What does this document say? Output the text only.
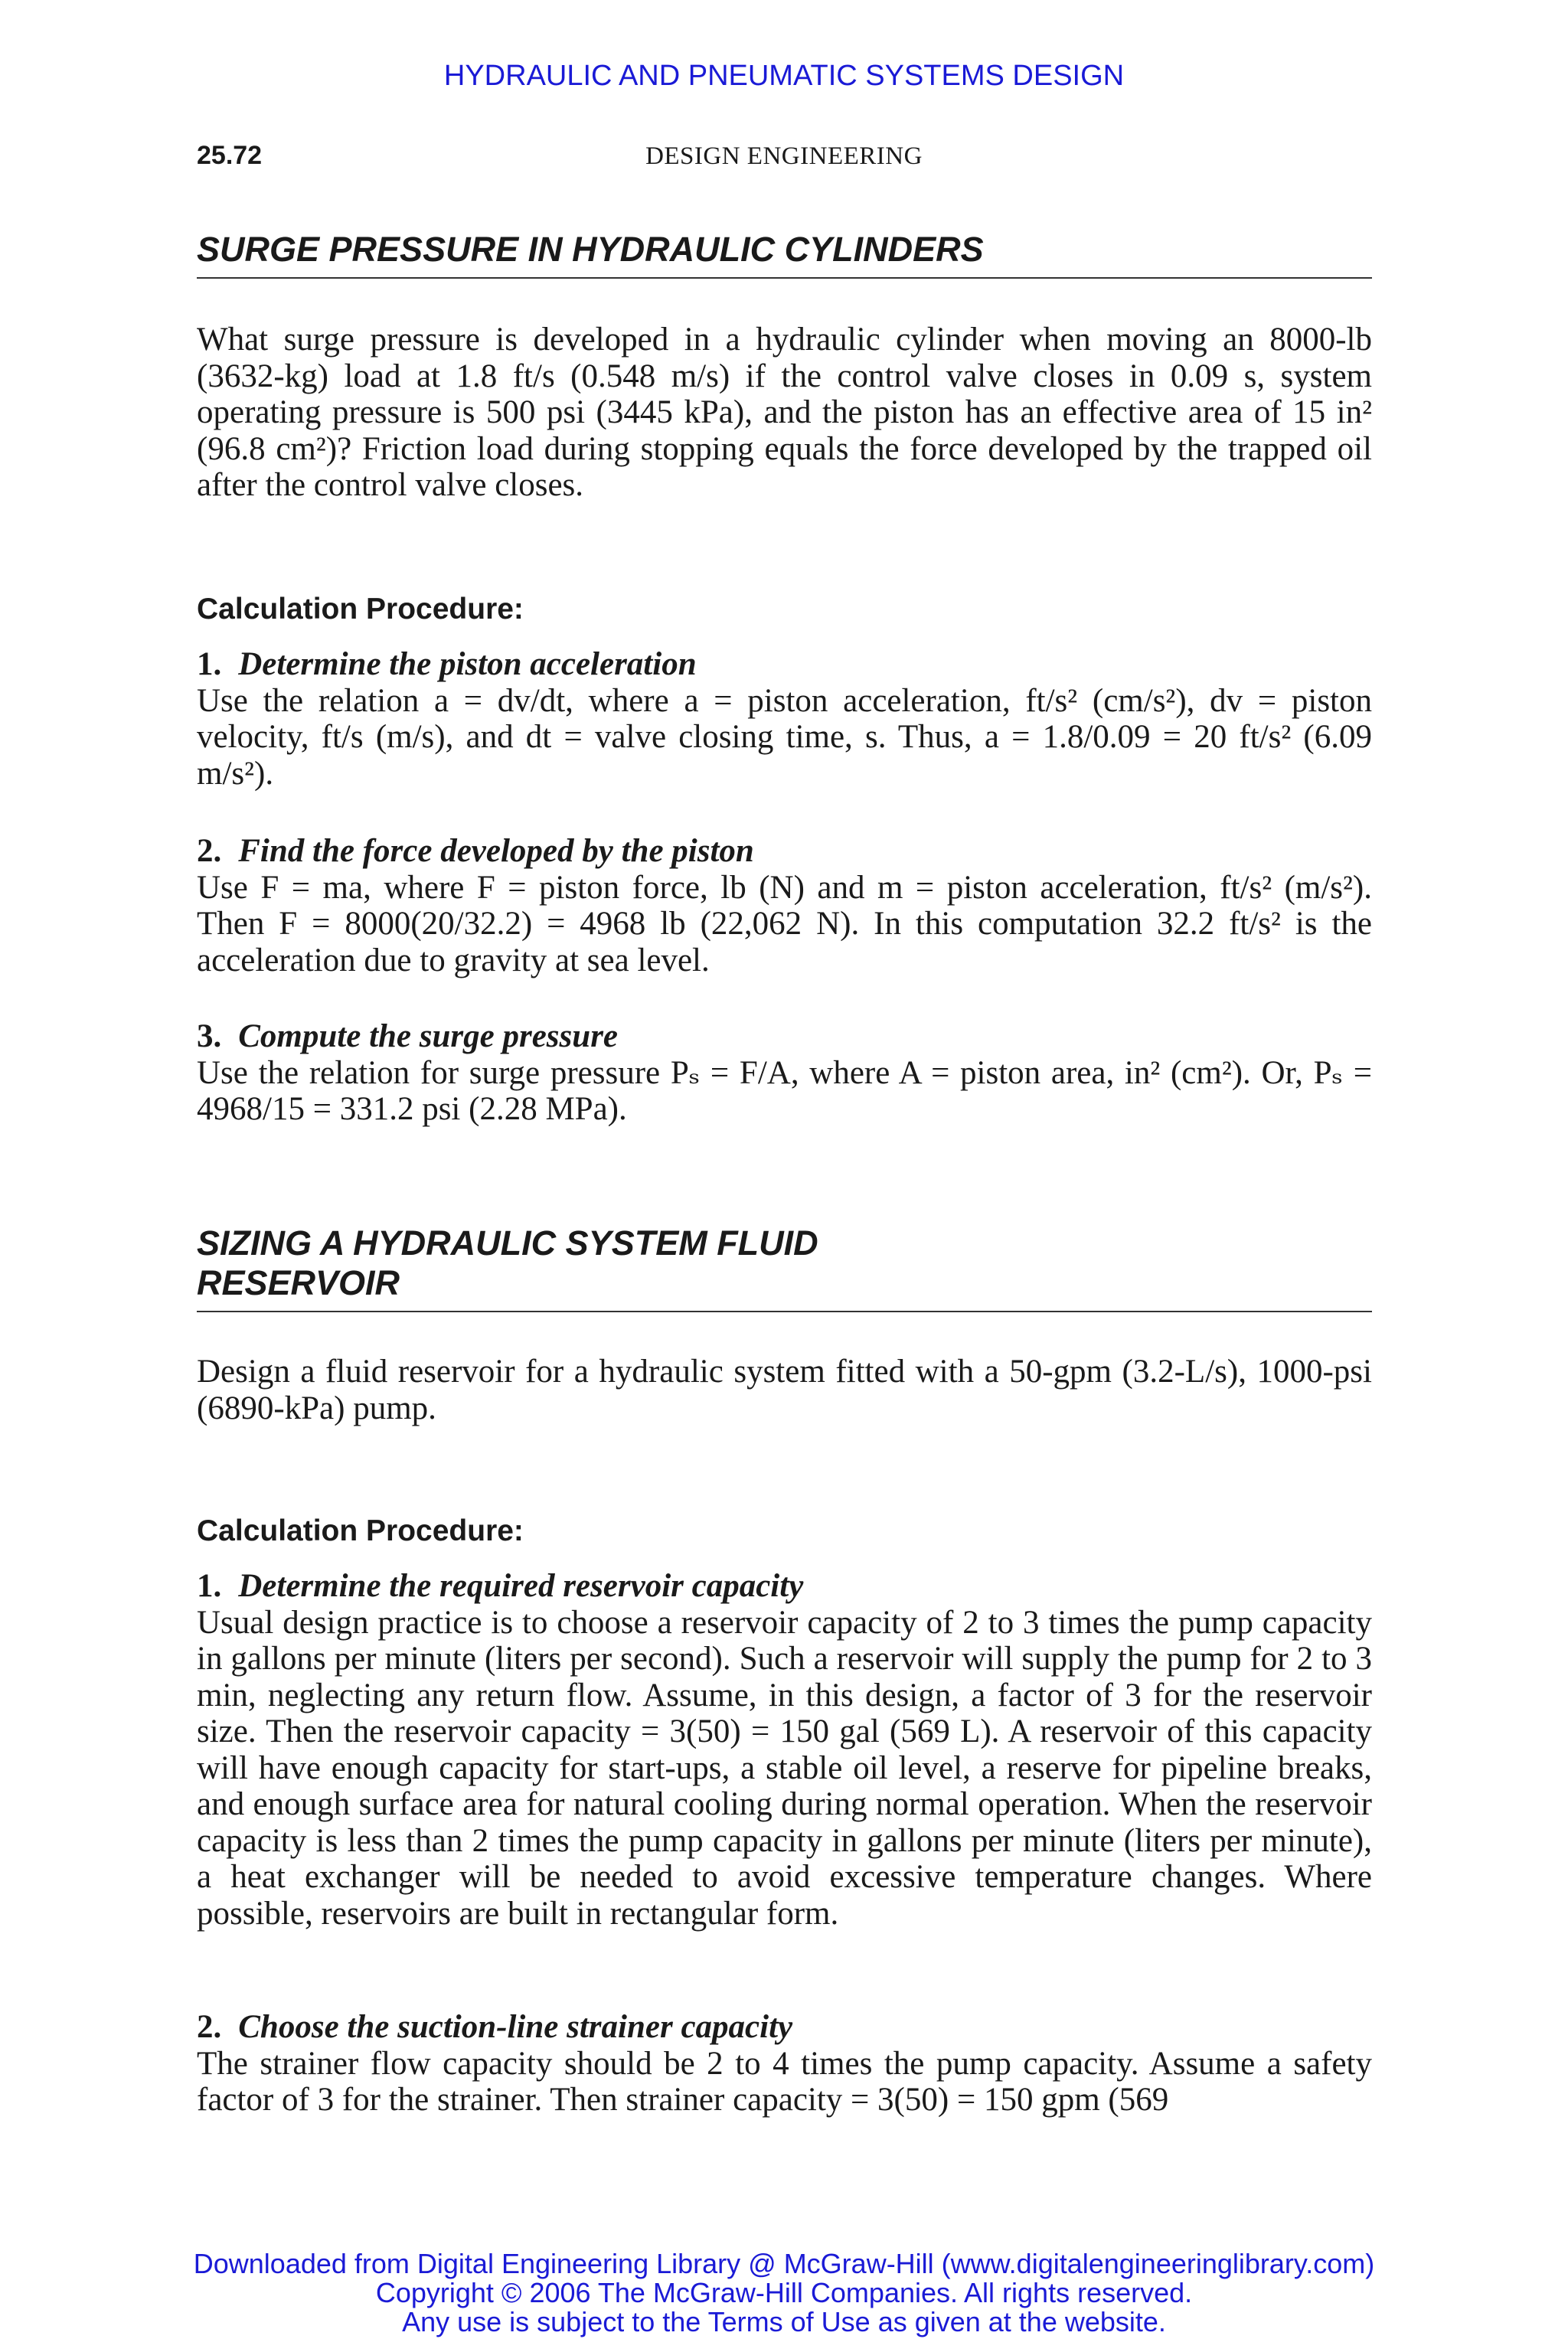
HYDRAULIC AND PNEUMATIC SYSTEMS DESIGN
25.72	DESIGN ENGINEERING
SURGE PRESSURE IN HYDRAULIC CYLINDERS

What surge pressure is developed in a hydraulic cylinder when moving an 8000-lb (3632-kg) load at 1.8 ft/s (0.548 m/s) if the control valve closes in 0.09 s, system operating pressure is 500 psi (3445 kPa), and the piston has an effective area of 15 in² (96.8 cm²)? Friction load during stopping equals the force developed by the trapped oil after the control valve closes.

Calculation Procedure:

1. Determine the piston acceleration

Use the relation a = dv/dt, where a = piston acceleration, ft/s² (cm/s²), dv = piston velocity, ft/s (m/s), and dt = valve closing time, s. Thus, a = 1.8/0.09 = 20 ft/s² (6.09 m/s²).

2. Find the force developed by the piston

Use F = ma, where F = piston force, lb (N) and m = piston acceleration, ft/s² (m/s²). Then F = 8000(20/32.2) = 4968 lb (22,062 N). In this computation 32.2 ft/s² is the acceleration due to gravity at sea level.

3. Compute the surge pressure

Use the relation for surge pressure Pₛ = F/A, where A = piston area, in² (cm²). Or, Pₛ = 4968/15 = 331.2 psi (2.28 MPa).

SIZING A HYDRAULIC SYSTEM FLUID
RESERVOIR

Design a fluid reservoir for a hydraulic system fitted with a 50-gpm (3.2-L/s), 1000-psi (6890-kPa) pump.

Calculation Procedure:

1. Determine the required reservoir capacity

Usual design practice is to choose a reservoir capacity of 2 to 3 times the pump capacity in gallons per minute (liters per second). Such a reservoir will supply the pump for 2 to 3 min, neglecting any return flow. Assume, in this design, a factor of 3 for the reservoir size. Then the reservoir capacity = 3(50) = 150 gal (569 L). A reservoir of this capacity will have enough capacity for start-ups, a stable oil level, a reserve for pipeline breaks, and enough surface area for natural cooling during normal operation. When the reservoir capacity is less than 2 times the pump capacity in gallons per minute (liters per minute), a heat exchanger will be needed to avoid excessive temperature changes. Where possible, reservoirs are built in rectangular form.

2. Choose the suction-line strainer capacity

The strainer flow capacity should be 2 to 4 times the pump capacity. Assume a safety factor of 3 for the strainer. Then strainer capacity = 3(50) = 150 gpm (569

Downloaded from Digital Engineering Library @ McGraw-Hill (www.digitalengineeringlibrary.com)
Copyright © 2006 The McGraw-Hill Companies. All rights reserved.
Any use is subject to the Terms of Use as given at the website.
